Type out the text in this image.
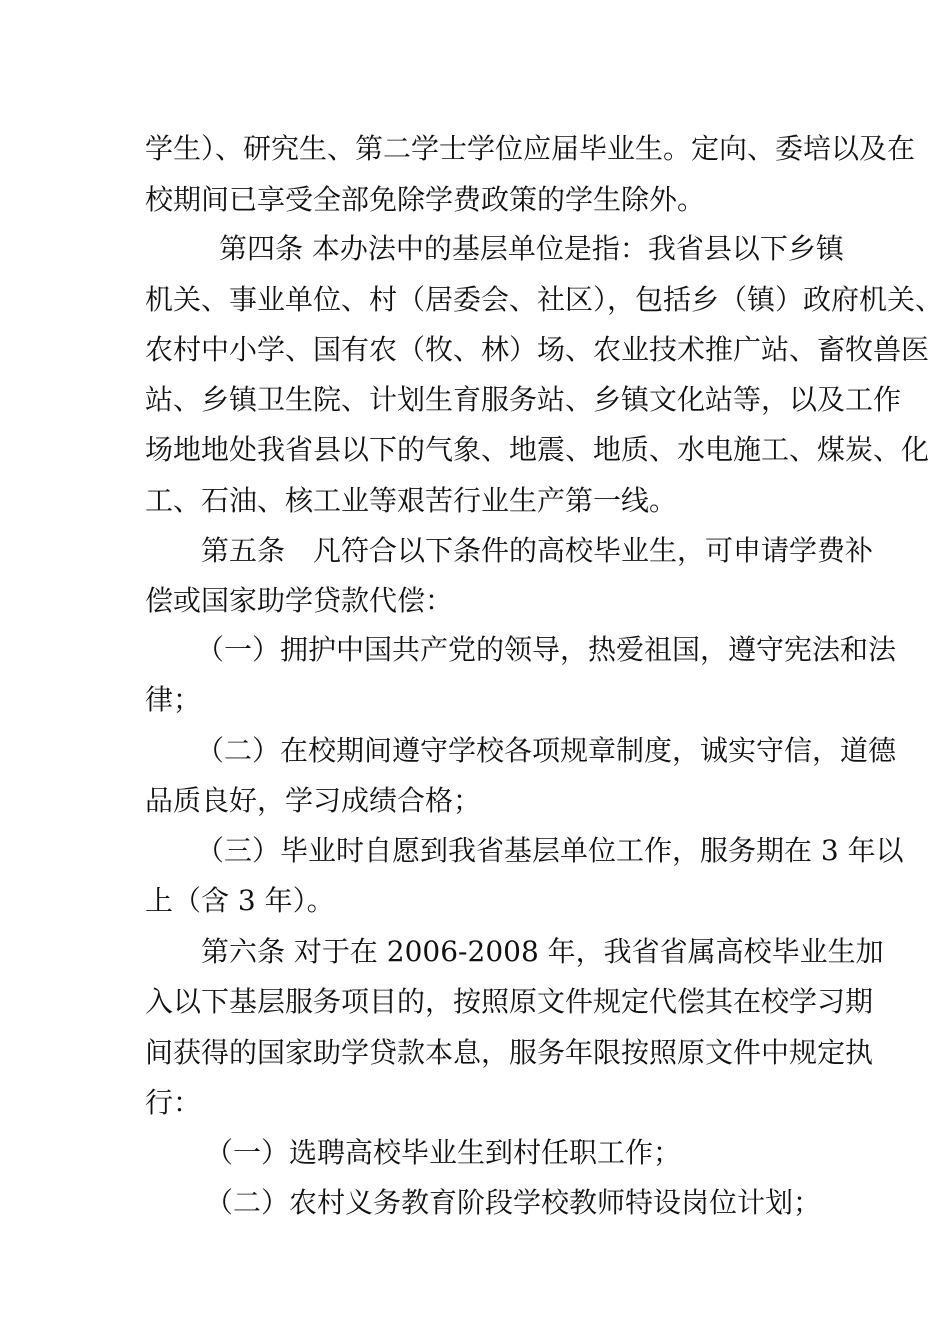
学生）、研究生、第二学士学位应届毕业生。定向、委培以及在
校期间已享受全部免除学费政策的学生除外。
第四条 本办法中的基层单位是指：我省县以下乡镇
机关、事业单位、村（居委会、社区），包括乡（镇）政府机关、
农村中小学、国有农（牧、林）场、农业技术推广站、畜牧兽医
站、乡镇卫生院、计划生育服务站、乡镇文化站等，以及工作
场地地处我省县以下的气象、地震、地质、水电施工、煤炭、化
工、石油、核工业等艰苦行业生产第一线。
第五条　凡符合以下条件的高校毕业生，可申请学费补
偿或国家助学贷款代偿：
（一）拥护中国共产党的领导，热爱祖国，遵守宪法和法
律；
（二）在校期间遵守学校各项规章制度，诚实守信，道德
品质良好，学习成绩合格；
（三）毕业时自愿到我省基层单位工作，服务期在 3 年以
上（含 3 年）。
第六条 对于在 2006-2008 年，我省省属高校毕业生加
入以下基层服务项目的，按照原文件规定代偿其在校学习期
间获得的国家助学贷款本息，服务年限按照原文件中规定执
行：
（一）选聘高校毕业生到村任职工作；
（二）农村义务教育阶段学校教师特设岗位计划；
